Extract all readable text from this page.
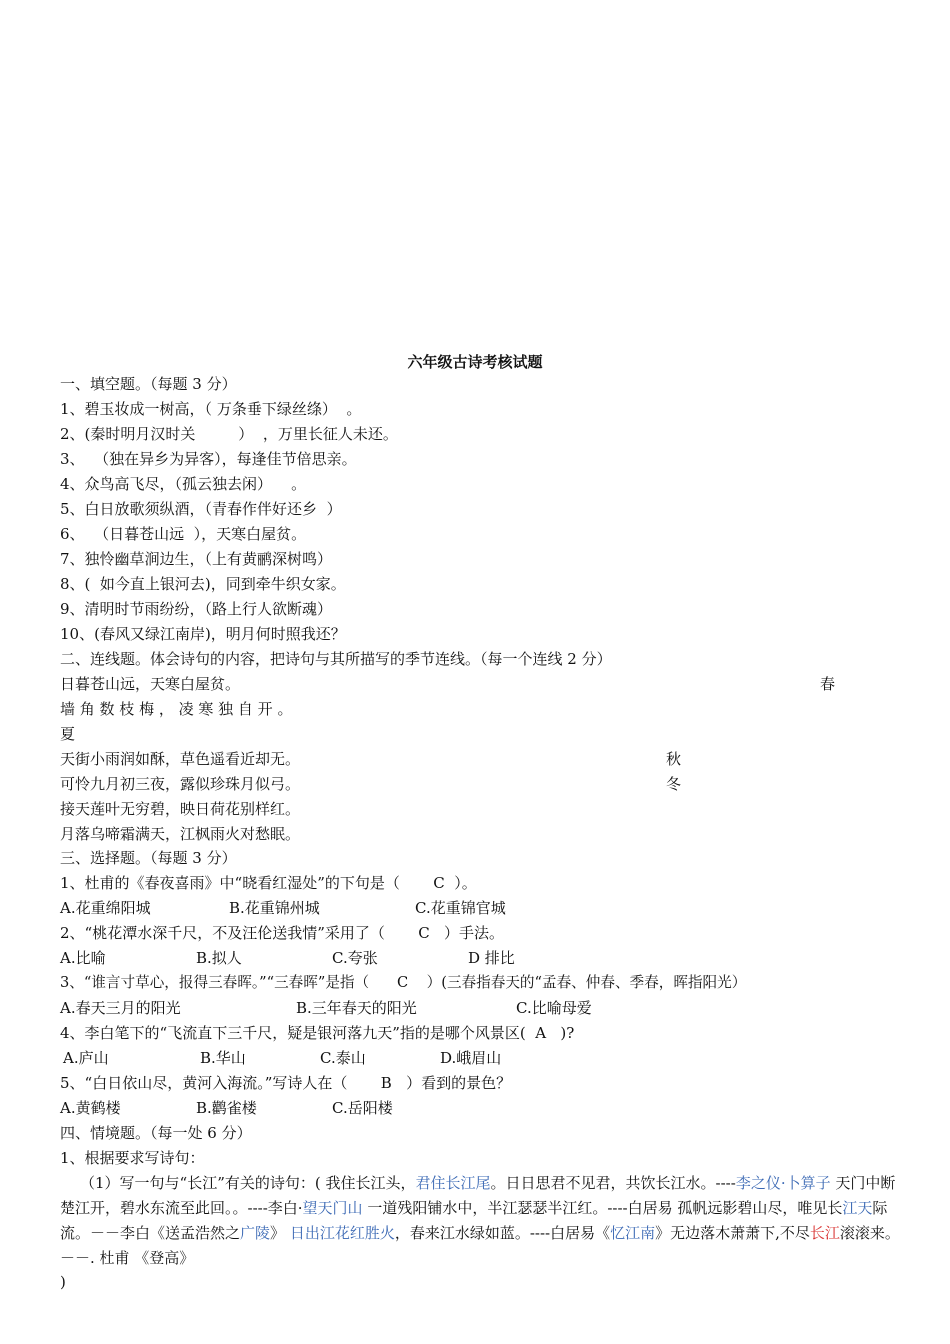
六年级古诗考核试题
一、填空题。（每题 3 分）
1、碧玉妆成一树高，（ 万条垂下绿丝绦）  。
2、(秦时明月汉时关         ）  ，万里长征人未还。
3、  （独在异乡为异客），每逢佳节倍思亲。
4、众鸟高飞尽，（孤云独去闲）    。
5、白日放歌须纵酒，（青春作伴好还乡  ）
6、  （日暮苍山远  ），天寒白屋贫。
7、独怜幽草涧边生，（上有黄鹂深树鸣）
8、(  如今直上银河去)，同到牵牛织女家。
9、清明时节雨纷纷，（路上行人欲断魂）
10、(春风又绿江南岸)，明月何时照我还？
二、连线题。体会诗句的内容，把诗句与其所描写的季节连线。（每一个连线 2 分）
日暮苍山远，天寒白屋贫。	春
墙 角 数 枝 梅 ， 凌 寒 独 自 开 。
夏
天街小雨润如酥，草色遥看近却无。	秋
可怜九月初三夜，露似珍珠月似弓。	冬
接天莲叶无穷碧，映日荷花别样红。
月落乌啼霜满天，江枫雨火对愁眠。
三、选择题。（每题 3 分）
1、杜甫的《春夜喜雨》中“晓看红湿处”的下句是（       C  ）。
A.花重绵阳城	B.花重锦州城	C.花重锦官城
2、“桃花潭水深千尺，不及汪伦送我情”采用了（       C   ）手法。
A.比喻	B.拟人	C.夸张	D 排比
3、“谁言寸草心，报得三春晖。”“三春晖”是指（      C    ）(三春指春天的“孟春、仲春、季春，晖指阳光）
A.春天三月的阳光	B.三年春天的阳光	C.比喻母爱
4、李白笔下的“飞流直下三千尺，疑是银河落九天”指的是哪个风景区(  A   )?
A.庐山	B.华山	C.泰山	D.峨眉山
5、“白日依山尽，黄河入海流。”写诗人在（       B   ）看到的景色？
A.黄鹤楼	B.鹳雀楼	C.岳阳楼
四、情境题。（每一处 6 分）
1、根据要求写诗句：
（1）写一句与“长江”有关的诗句：( 我住长江头，君住长江尾。日日思君不见君，共饮长江水。----李之仪·卜算子 天门中断楚江开，碧水东流至此回。。----李白·望天门山 一道残阳铺水中，半江瑟瑟半江红。----白居易 孤帆远影碧山尽，唯见长江天际流。－－李白《送孟浩然之广陵》 日出江花红胜火，春来江水绿如蓝。----白居易《忆江南》无边落木萧萧下,不尽长江滚滚来。 －－. 杜甫 《登高》
)
